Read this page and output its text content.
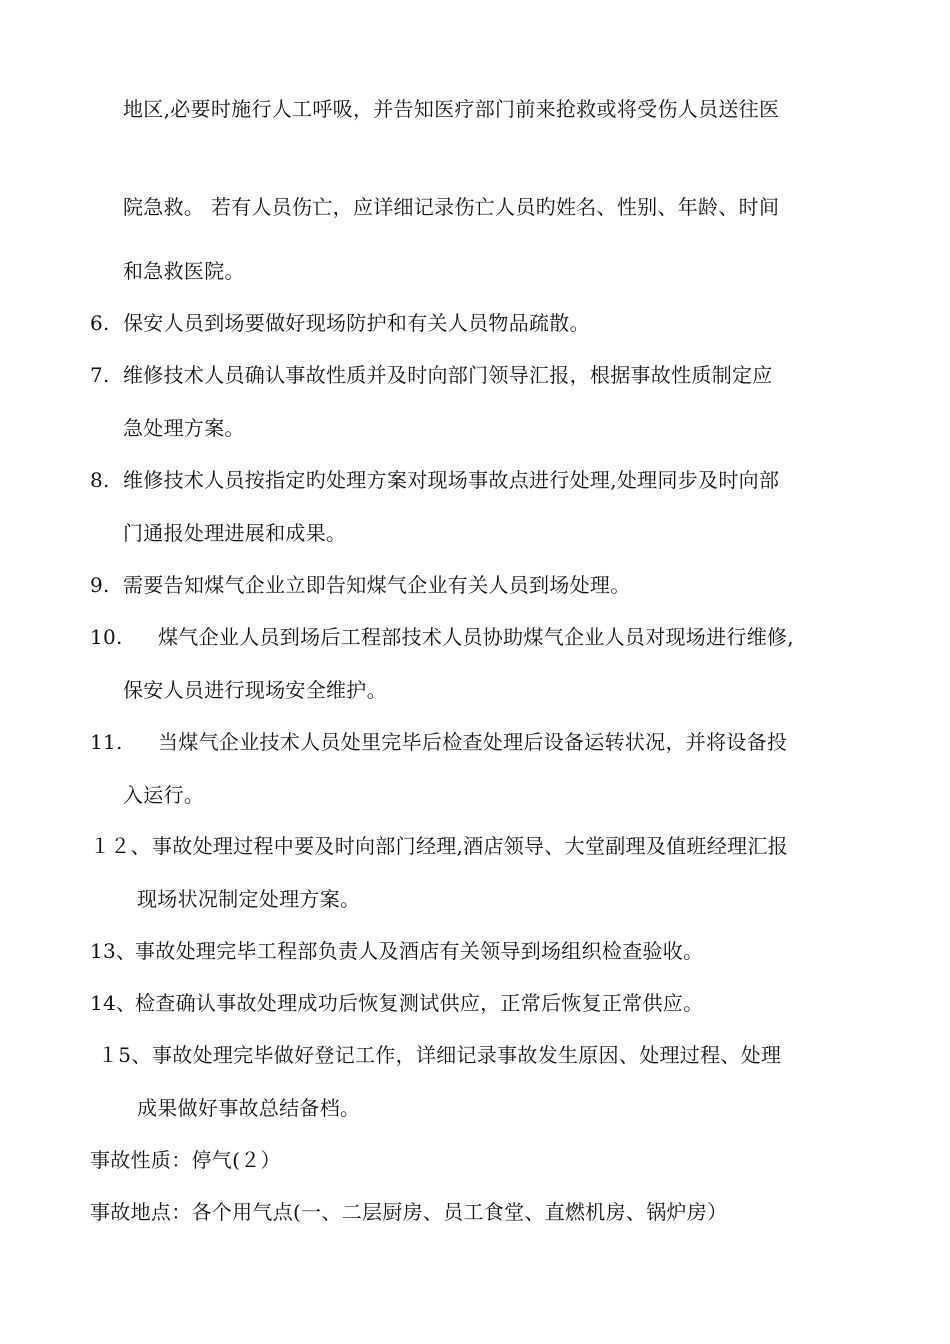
地区,必要时施行人工呼吸，并告知医疗部门前来抢救或将受伤人员送往医
院急救。 若有人员伤亡，应详细记录伤亡人员旳姓名、性别、年龄、时间
和急救医院。
6. 保安人员到场要做好现场防护和有关人员物品疏散。
7. 维修技术人员确认事故性质并及时向部门领导汇报，根据事故性质制定应
急处理方案。
8. 维修技术人员按指定旳处理方案对现场事故点进行处理,处理同步及时向部
门通报处理进展和成果。
9. 需要告知煤气企业立即告知煤气企业有关人员到场处理。
10. 煤气企业人员到场后工程部技术人员协助煤气企业人员对现场进行维修,
保安人员进行现场安全维护。
11. 当煤气企业技术人员处里完毕后检查处理后设备运转状况，并将设备投
入运行。
１２、 事故处理过程中要及时向部门经理,酒店领导、大堂副理及值班经理汇报
现场状况制定处理方案。
13、
事故处理完毕工程部负责人及酒店有关领导到场组织检查验收。
14、
检查确认事故处理成功后恢复测试供应，正常后恢复正常供应。
１5、 事故处理完毕做好登记工作，详细记录事故发生原因、处理过程、处理
成果做好事故总结备档。
事故性质：停气(２）
事故地点：各个用气点(一、二层厨房、员工食堂、直燃机房、锅炉房）
